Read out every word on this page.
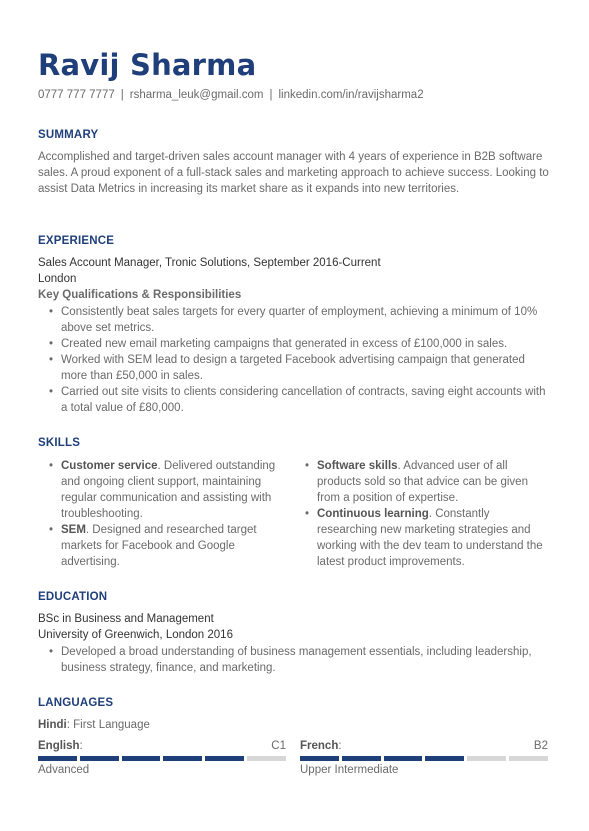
Ravij Sharma
0777 777 7777 | rsharma_leuk@gmail.com | linkedin.com/in/ravijsharma2
SUMMARY
Accomplished and target-driven sales account manager with 4 years of experience in B2B software sales. A proud exponent of a full-stack sales and marketing approach to achieve success. Looking to assist Data Metrics in increasing its market share as it expands into new territories.
EXPERIENCE
Sales Account Manager, Tronic Solutions, September 2016-Current
London
Key Qualifications & Responsibilities
• Consistently beat sales targets for every quarter of employment, achieving a minimum of 10% above set metrics.
• Created new email marketing campaigns that generated in excess of £100,000 in sales.
• Worked with SEM lead to design a targeted Facebook advertising campaign that generated more than £50,000 in sales.
• Carried out site visits to clients considering cancellation of contracts, saving eight accounts with a total value of £80,000.
SKILLS
• Customer service. Delivered outstanding and ongoing client support, maintaining regular communication and assisting with troubleshooting.
• SEM. Designed and researched target markets for Facebook and Google advertising.
• Software skills. Advanced user of all products sold so that advice can be given from a position of expertise.
• Continuous learning. Constantly researching new marketing strategies and working with the dev team to understand the latest product improvements.
EDUCATION
BSc in Business and Management
University of Greenwich, London 2016
• Developed a broad understanding of business management essentials, including leadership, business strategy, finance, and marketing.
LANGUAGES
Hindi: First Language
English:	C1
Advanced
French:	B2
Upper Intermediate
